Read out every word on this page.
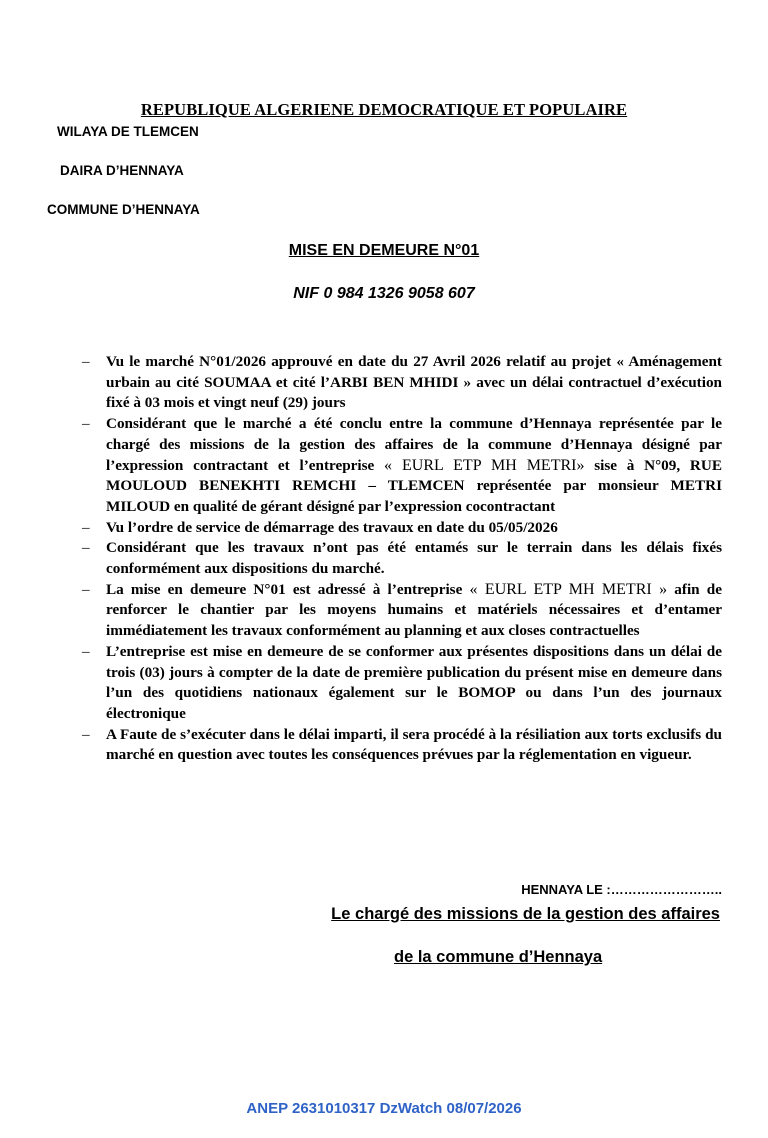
REPUBLIQUE ALGERIENE DEMOCRATIQUE ET POPULAIRE
WILAYA DE TLEMCEN
DAIRA D’HENNAYA
COMMUNE D’HENNAYA
MISE EN DEMEURE N°01
NIF 0 984 1326 9058 607
– Vu le marché N°01/2026 approuvé en date du 27 Avril 2026 relatif au projet « Aménagement urbain au cité SOUMAA et cité l’ARBI BEN MHIDI » avec un délai contractuel d’exécution fixé à 03 mois et vingt neuf (29) jours
– Considérant que le marché a été conclu entre la commune d’Hennaya représentée par le chargé des missions de la gestion des affaires de la commune d’Hennaya désigné par l’expression contractant et l’entreprise « EURL ETP MH METRI» sise à N°09, RUE MOULOUD BENEKHTI REMCHI – TLEMCEN représentée par monsieur METRI MILOUD en qualité de gérant désigné par l’expression cocontractant
– Vu l’ordre de service de démarrage des travaux en date du 05/05/2026
– Considérant que les travaux n’ont pas été entamés sur le terrain dans les délais fixés conformément aux dispositions du marché.
– La mise en demeure N°01 est adressé à l’entreprise « EURL ETP MH METRI » afin de renforcer le chantier par les moyens humains et matériels nécessaires et d’entamer immédiatement les travaux conformément au planning et aux closes contractuelles
– L’entreprise est mise en demeure de se conformer aux présentes dispositions dans un délai de trois (03) jours à compter de la date de première publication du présent mise en demeure dans l’un des quotidiens nationaux également sur le BOMOP ou dans l’un des journaux électronique
– A Faute de s’exécuter dans le délai imparti, il sera procédé à la résiliation aux torts exclusifs du marché en question avec toutes les conséquences prévues par la réglementation en vigueur.
HENNAYA LE :……………………..
Le chargé des missions de la gestion des affaires
de la commune d’Hennaya
ANEP 2631010317 DzWatch 08/07/2026
